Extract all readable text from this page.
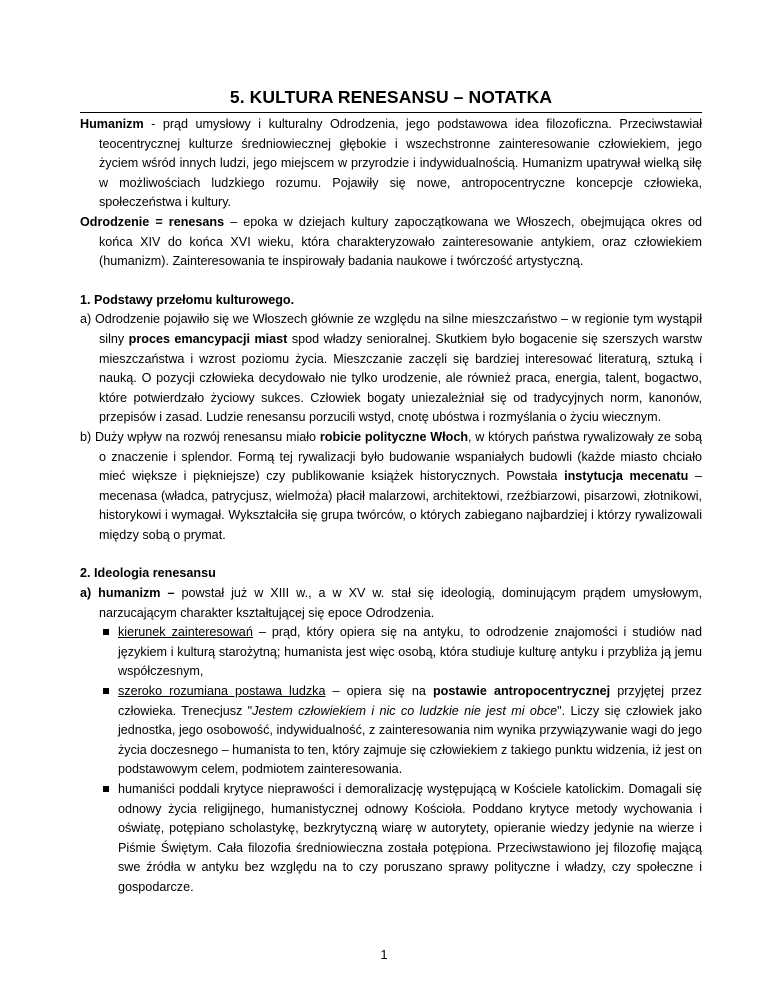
5. KULTURA RENESANSU – NOTATKA

Humanizm - prąd umysłowy i kulturalny Odrodzenia, jego podstawowa idea filozoficzna. Przeciwstawiał teocentrycznej kulturze średniowiecznej głębokie i wszechstronne zainteresowanie człowiekiem, jego życiem wśród innych ludzi, jego miejscem w przyrodzie i indywidualnością. Humanizm upatrywał wielką siłę w możliwościach ludzkiego rozumu. Pojawiły się nowe, antropocentryczne koncepcje człowieka, społeczeństwa i kultury.

Odrodzenie = renesans – epoka w dziejach kultury zapoczątkowana we Włoszech, obejmująca okres od końca XIV do końca XVI wieku, która charakteryzowało zainteresowanie antykiem, oraz człowiekiem (humanizm). Zainteresowania te inspirowały badania naukowe i twórczość artystyczną.

1. Podstawy przełomu kulturowego.

a) Odrodzenie pojawiło się we Włoszech głównie ze względu na silne mieszczaństwo – w regionie tym wystąpił silny proces emancypacji miast spod władzy senioralnej. Skutkiem było bogacenie się szerszych warstw mieszczaństwa i wzrost poziomu życia. Mieszczanie zaczęli się bardziej interesować literaturą, sztuką i nauką. O pozycji człowieka decydowało nie tylko urodzenie, ale również praca, energia, talent, bogactwo, które potwierdzało życiowy sukces. Człowiek bogaty uniezależniał się od tradycyjnych norm, kanonów, przepisów i zasad. Ludzie renesansu porzucili wstyd, cnotę ubóstwa i rozmyślania o życiu wiecznym.

b) Duży wpływ na rozwój renesansu miało robicie polityczne Włoch, w których państwa rywalizowały ze sobą o znaczenie i splendor. Formą tej rywalizacji było budowanie wspaniałych budowli (każde miasto chciało mieć większe i piękniejsze) czy publikowanie książek historycznych. Powstała instytucja mecenatu – mecenasa (władca, patrycjusz, wielmoża) płacił malarzowi, architektowi, rzeźbiarzowi, pisarzowi, złotnikowi, historykowi i wymagał. Wykształciła się grupa twórców, o których zabiegano najbardziej i którzy rywalizowali między sobą o prymat.

2. Ideologia renesansu

a) humanizm – powstał już w XIII w., a w XV w. stał się ideologią, dominującym prądem umysłowym, narzucającym charakter kształtującej się epoce Odrodzenia.

kierunek zainteresowań – prąd, który opiera się na antyku, to odrodzenie znajomości i studiów nad językiem i kulturą starożytną; humanista jest więc osobą, która studiuje kulturę antyku i przybliża ją jemu współczesnym,
szeroko rozumiana postawa ludzka – opiera się na postawie antropocentrycznej przyjętej przez człowieka. Trenecjusz "Jestem człowiekiem i nic co ludzkie nie jest mi obce". Liczy się człowiek jako jednostka, jego osobowość, indywidualność, z zainteresowania nim wynika przywiązywanie wagi do jego życia doczesnego – humanista to ten, który zajmuje się człowiekiem z takiego punktu widzenia, iż jest on podstawowym celem, podmiotem zainteresowania.
humaniści poddali krytyce nieprawości i demoralizację występującą w Kościele katolickim. Domagali się odnowy życia religijnego, humanistycznej odnowy Kościoła. Poddano krytyce metody wychowania i oświatę, potępiano scholastykę, bezkrytyczną wiarę w autorytety, opieranie wiedzy jedynie na wierze i Piśmie Świętym. Cała filozofia średniowieczna została potępiona. Przeciwstawiono jej filozofię mającą swe źródła w antyku bez względu na to czy poruszano sprawy polityczne i władzy, czy społeczne i gospodarcze.
1
